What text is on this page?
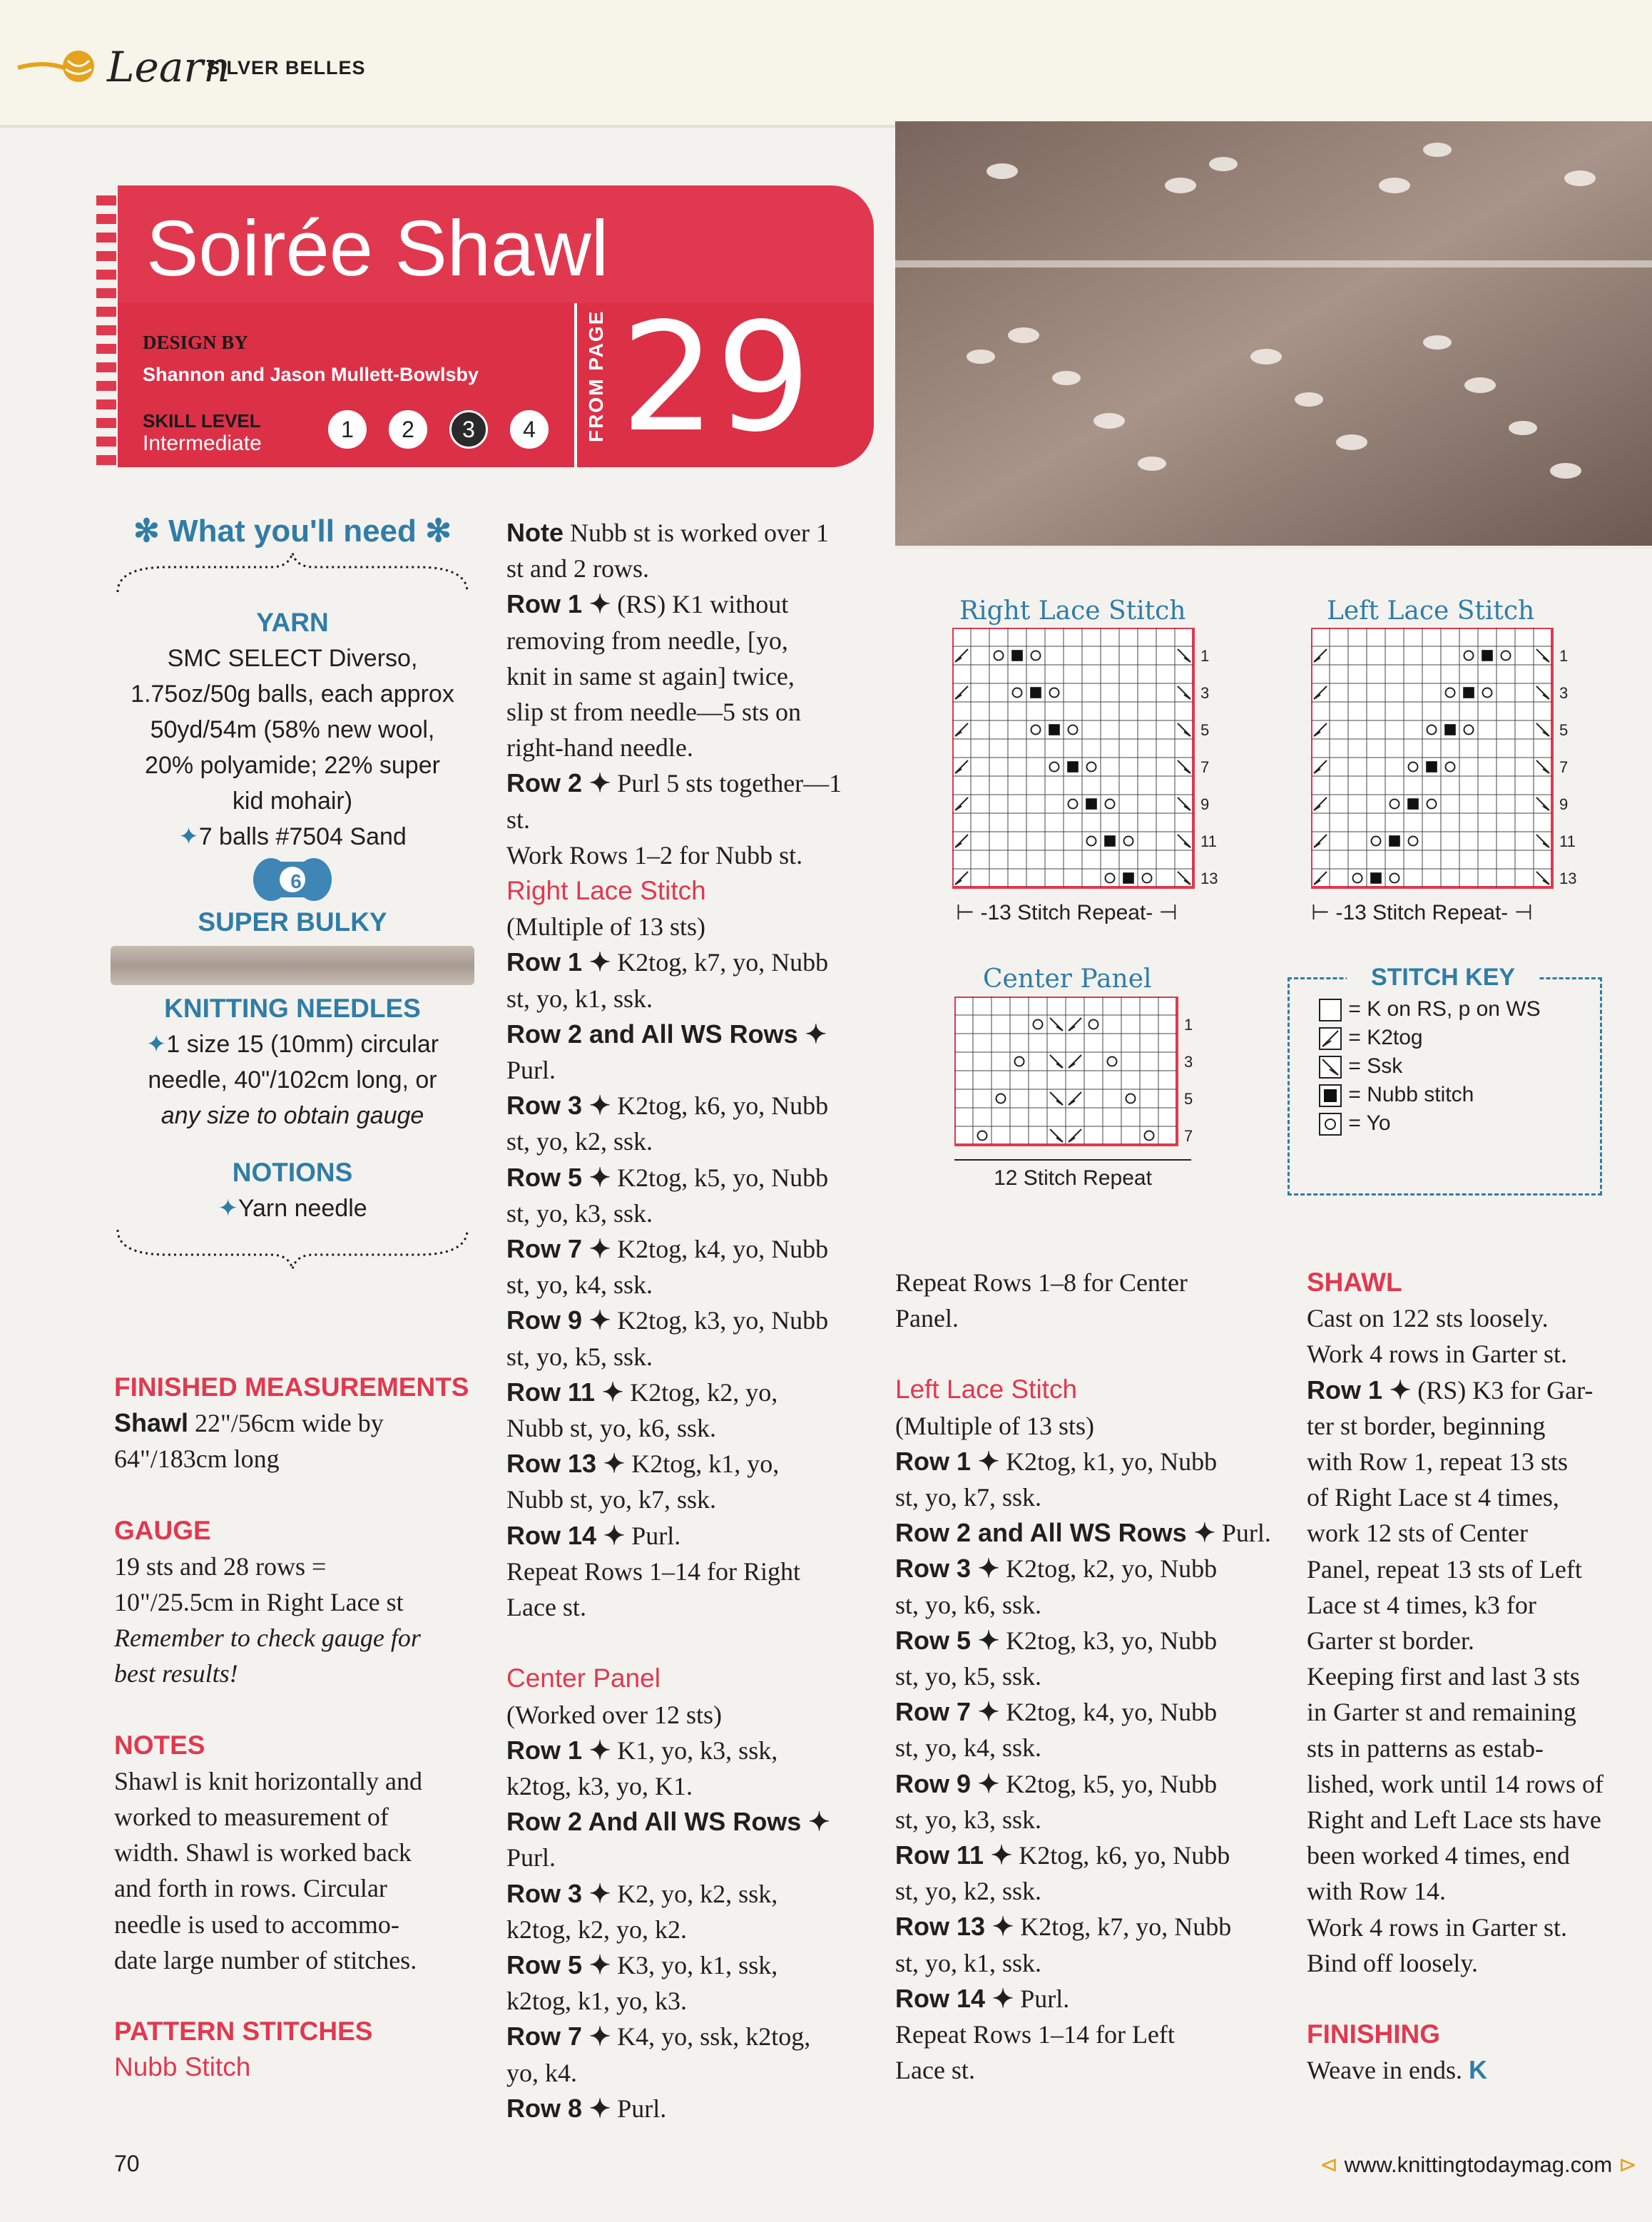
Learn
SILVER BELLES
Soirée Shawl
DESIGN BY
Shannon and Jason Mullett-Bowlsby
SKILL LEVEL
Intermediate
1	2	3	4	FROM PAGE 29
✻ What you'll need ✻
YARN
SMC SELECT Diverso,
1.75oz/50g balls, each approx
50yd/54m (58% new wool,
20% polyamide; 22% super
kid mohair)
✦7 balls #7504 Sand
6
SUPER BULKY
KNITTING NEEDLES
✦1 size 15 (10mm) circular
needle, 40"/102cm long, or
any size to obtain gauge
NOTIONS
✦Yarn needle
FINISHED MEASUREMENTS

Shawl 22"/56cm wide by

64"/183cm long

GAUGE

19 sts and 28 rows =

10"/25.5cm in Right Lace st

Remember to check gauge for

best results!

NOTES

Shawl is knit horizontally and

worked to measurement of

width. Shawl is worked back

and forth in rows. Circular

needle is used to accommo-

date large number of stitches.

PATTERN STITCHES
Nubb Stitch

Note Nubb st is worked over 1

st and 2 rows.

Row 1 ✦ (RS) K1 without

removing from needle, [yo,

knit in same st again] twice,

slip st from needle—5 sts on

right-hand needle.

Row 2 ✦ Purl 5 sts together—1

st.

Work Rows 1–2 for Nubb st.

Right Lace Stitch

(Multiple of 13 sts)

Row 1 ✦ K2tog, k7, yo, Nubb

st, yo, k1, ssk.

Row 2 and All WS Rows ✦ Purl.

Row 3 ✦ K2tog, k6, yo, Nubb

st, yo, k2, ssk.

Row 5 ✦ K2tog, k5, yo, Nubb

st, yo, k3, ssk.

Row 7 ✦ K2tog, k4, yo, Nubb

st, yo, k4, ssk.

Row 9 ✦ K2tog, k3, yo, Nubb

st, yo, k5, ssk.

Row 11 ✦ K2tog, k2, yo,

Nubb st, yo, k6, ssk.

Row 13 ✦ K2tog, k1, yo,

Nubb st, yo, k7, ssk.

Row 14 ✦ Purl.

Repeat Rows 1–14 for Right

Lace st.

Center Panel

(Worked over 12 sts)

Row 1 ✦ K1, yo, k3, ssk,

k2tog, k3, yo, K1.

Row 2 And All WS Rows ✦ Purl.

Row 3 ✦ K2, yo, k2, ssk,

k2tog, k2, yo, k2.

Row 5 ✦ K3, yo, k1, ssk,

k2tog, k1, yo, k3.

Row 7 ✦ K4, yo, ssk, k2tog,

yo, k4.

Row 8 ✦ Purl.

Repeat Rows 1–8 for Center

Panel.

Left Lace Stitch

(Multiple of 13 sts)

Row 1 ✦ K2tog, k1, yo, Nubb

st, yo, k7, ssk.

Row 2 and All WS Rows ✦ Purl.

Row 3 ✦ K2tog, k2, yo, Nubb

st, yo, k6, ssk.

Row 5 ✦ K2tog, k3, yo, Nubb

st, yo, k5, ssk.

Row 7 ✦ K2tog, k4, yo, Nubb

st, yo, k4, ssk.

Row 9 ✦ K2tog, k5, yo, Nubb

st, yo, k3, ssk.

Row 11 ✦ K2tog, k6, yo, Nubb

st, yo, k2, ssk.

Row 13 ✦ K2tog, k7, yo, Nubb

st, yo, k1, ssk.

Row 14 ✦ Purl.

Repeat Rows 1–14 for Left

Lace st.

SHAWL

Cast on 122 sts loosely.

Work 4 rows in Garter st.

Row 1 ✦ (RS) K3 for Gar-

ter st border, beginning

with Row 1, repeat 13 sts

of Right Lace st 4 times,

work 12 sts of Center

Panel, repeat 13 sts of Left

Lace st 4 times, k3 for

Garter st border.

Keeping first and last 3 sts

in Garter st and remaining

sts in patterns as estab-

lished, work until 14 rows of

Right and Left Lace sts have

been worked 4 times, end

with Row 14.

Work 4 rows in Garter st.

Bind off loosely.

FINISHING

Weave in ends. K

Right Lace Stitch
13
11
9
7
5
3
1
⊢ -13 Stitch Repeat- ⊣
Left Lace Stitch
13
11
9
7
5
3
1
⊢ -13 Stitch Repeat- ⊣
Center Panel
7
5
3
1
12 Stitch Repeat
STITCH KEY
= K on RS, p on WS
= K2tog
= Ssk
= Nubb stitch
= Yo
70	⊲ www.knittingtodaymag.com ⊳
